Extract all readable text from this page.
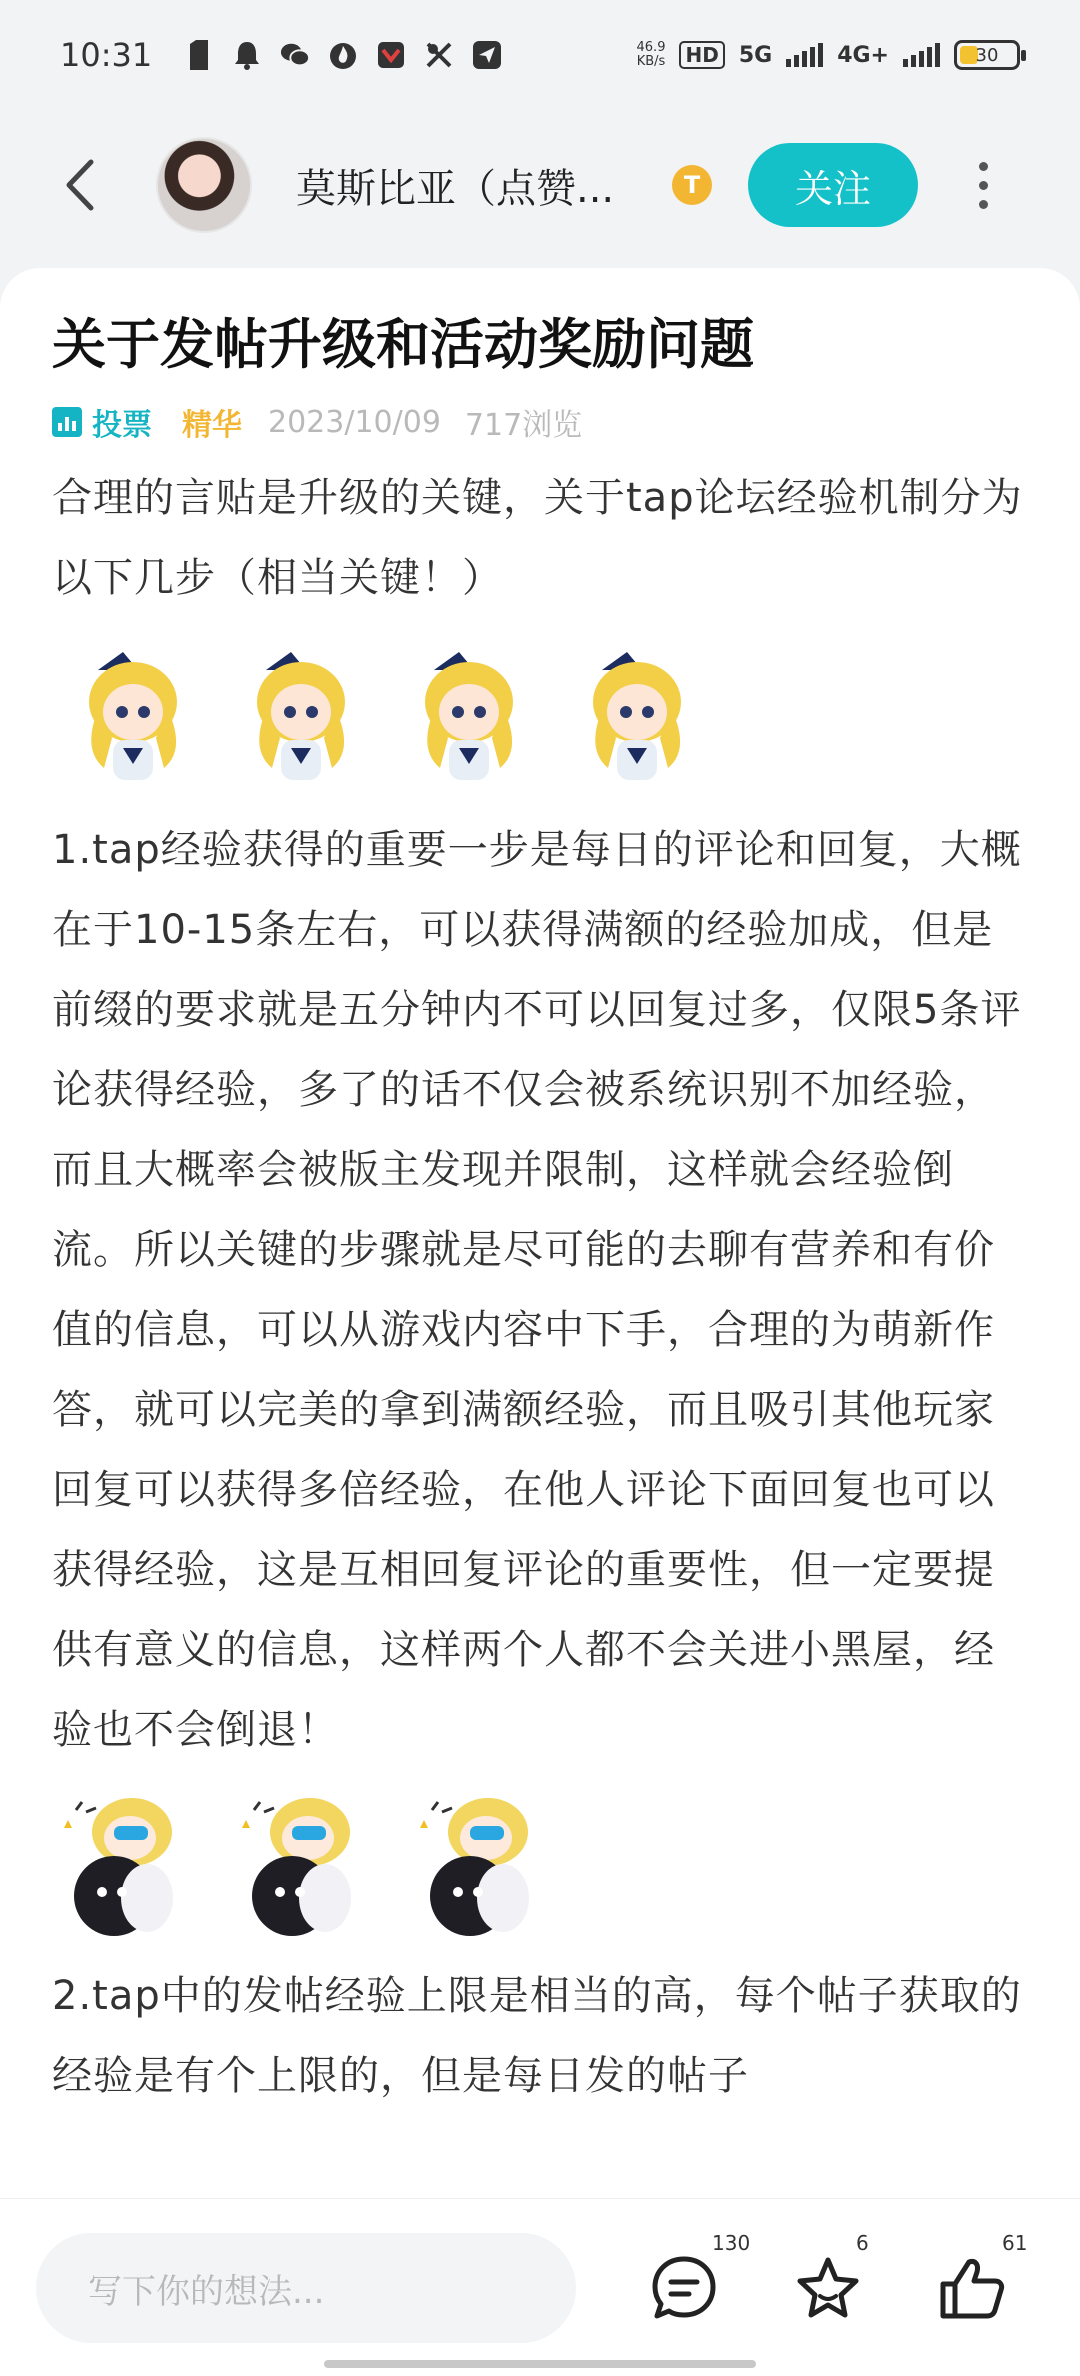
10:31	46.9
KB/s	HD 5G	4G+	30
莫斯比亚（点赞...	T	关注
关于发帖升级和活动奖励问题
投票 精华 2023/10/09 717浏览

合理的言贴是升级的关键，关于tap论坛经验机制分为以下几步（相当关键！）

1.tap经验获得的重要一步是每日的评论和回复，大概在于10-15条左右，可以获得满额的经验加成，但是前缀的要求就是五分钟内不可以回复过多，仅限5条评论获得经验，多了的话不仅会被系统识别不加经验，而且大概率会被版主发现并限制，这样就会经验倒流。所以关键的步骤就是尽可能的去聊有营养和有价值的信息，可以从游戏内容中下手，合理的为萌新作答，就可以完美的拿到满额经验，而且吸引其他玩家回复可以获得多倍经验，在他人评论下面回复也可以获得经验，这是互相回复评论的重要性，但一定要提供有意义的信息，这样两个人都不会关进小黑屋，经验也不会倒退！

2.tap中的发帖经验上限是相当的高，每个帖子获取的经验是有个上限的，但是每日发的帖子

写下你的想法...
130	6	61
